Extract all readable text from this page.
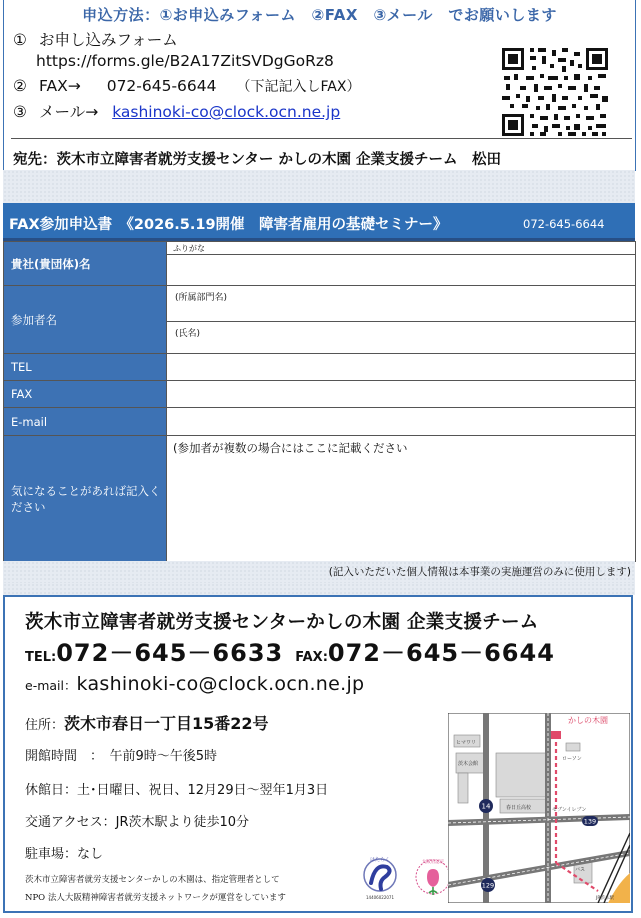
申込方法：①お申込みフォーム　②FAX　③メール　でお願いします
① お申し込みフォーム
https://forms.gle/B2A17ZitSVDgGoRz8
② FAX→ 072-645-6644 （下記記入しFAX）
③ メール→ kashinoki-co@clock.ocn.ne.jp
宛先：茨木市立障害者就労支援センター かしの木園 企業支援チーム　松田
FAX参加申込書　《2026.5.19開催　障害者雇用の基礎セミナー》	072-645-6644
貴社(貴団体)名	ふりがな

参加者名	(所属部門名)
	(氏名)
TEL	
FAX	
E-mail	
気になることがあれば記入ください	(参加者が複数の場合にはここに記載ください
(記入いただいた個人情報は本事業の実施運営のみに使用します)
茨木市立障害者就労支援センターかしの木園 企業支援チーム
TEL:072－645－6633 FAX:072－645－6644
e-mail：kashinoki-co@clock.ocn.ne.jp
住所：茨木市春日一丁目15番22号
開館時間　：　午前9時～午後5時
休館日：土･日曜日、祝日、12月29日～翌年1月3日
交通アクセス：JR茨木駅より徒歩10分
駐車場：なし
茨木市立障害者就労支援センターかしの木園は、指定管理者として
NPO 法人大阪精神障害者就労支援ネットワークが運営をしています
はたらく
14406022071
大阪府認定
かしの木園
ヒマワリ
ローソン
茨木会館
春日丘高校	セブンイレブン
JR茨木駅
バス
14
139
129
